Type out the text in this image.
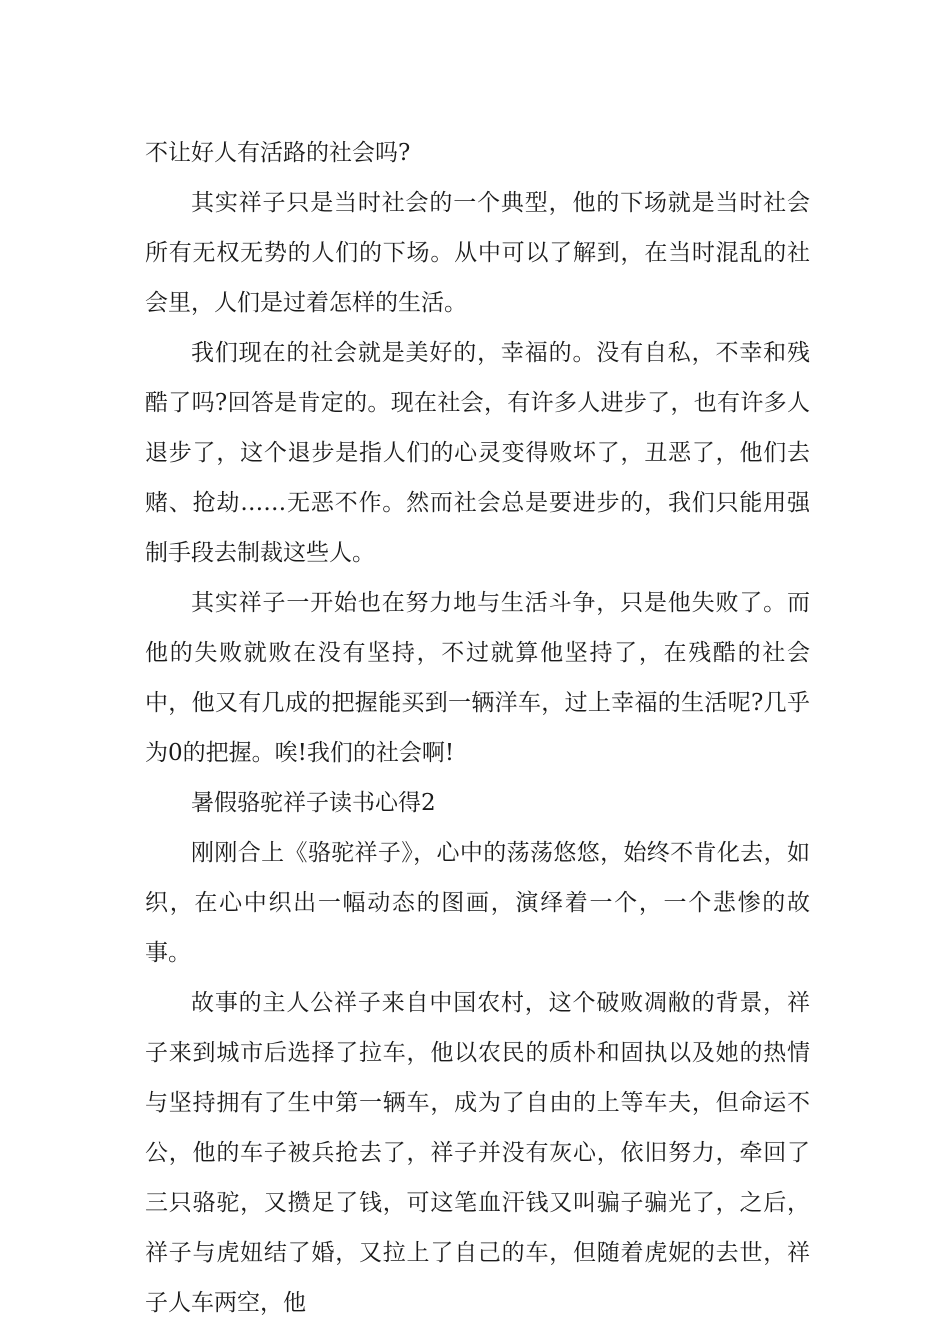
不让好人有活路的社会吗?

其实祥子只是当时社会的一个典型，他的下场就是当时社会所有无权无势的人们的下场。从中可以了解到，在当时混乱的社会里，人们是过着怎样的生活。

我们现在的社会就是美好的，幸福的。没有自私，不幸和残酷了吗?回答是肯定的。现在社会，有许多人进步了，也有许多人退步了，这个退步是指人们的心灵变得败坏了，丑恶了，他们去赌、抢劫……无恶不作。然而社会总是要进步的，我们只能用强制手段去制裁这些人。

其实祥子一开始也在努力地与生活斗争，只是他失败了。而他的失败就败在没有坚持，不过就算他坚持了，在残酷的社会中，他又有几成的把握能买到一辆洋车，过上幸福的生活呢?几乎为0的把握。唉!我们的社会啊!

暑假骆驼祥子读书心得2

刚刚合上《骆驼祥子》，心中的荡荡悠悠，始终不肯化去，如织，在心中织出一幅动态的图画，演绎着一个，一个悲惨的故事。

故事的主人公祥子来自中国农村，这个破败凋敝的背景，祥子来到城市后选择了拉车，他以农民的质朴和固执以及她的热情与坚持拥有了生中第一辆车，成为了自由的上等车夫，但命运不公，他的车子被兵抢去了，祥子并没有灰心，依旧努力，牵回了三只骆驼，又攒足了钱，可这笔血汗钱又叫骗子骗光了，之后，祥子与虎妞结了婚，又拉上了自己的车，但随着虎妮的去世，祥子人车两空，他
